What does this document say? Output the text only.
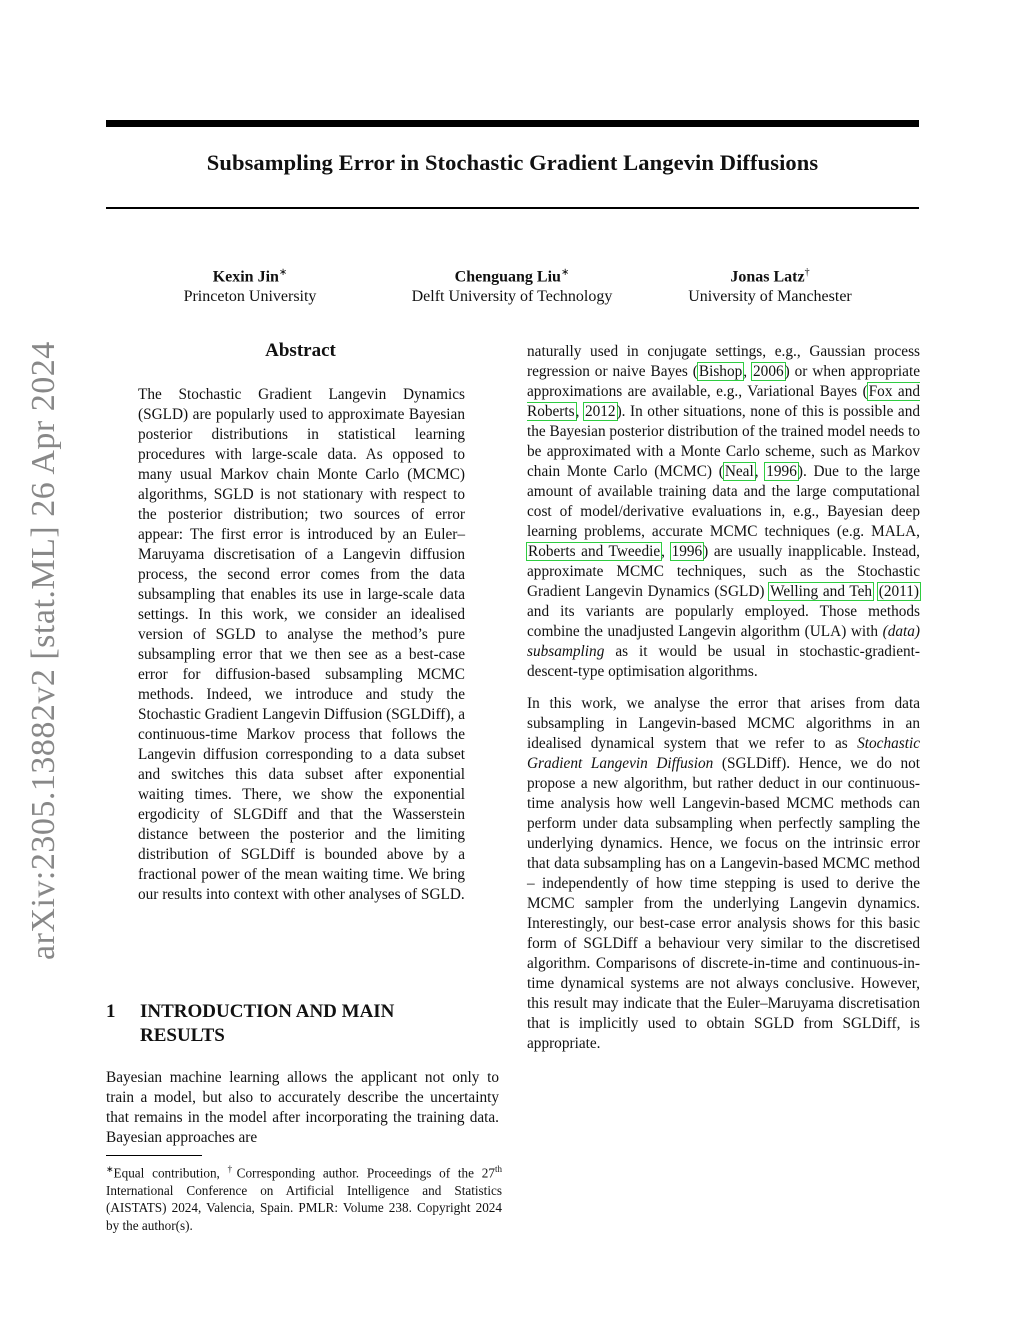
Subsampling Error in Stochastic Gradient Langevin Diffusions
Kexin Jin∗
Princeton University
Chenguang Liu∗
Delft University of Technology
Jonas Latz†
University of Manchester
arXiv:2305.13882v2 [stat.ML] 26 Apr 2024	Abstract
The Stochastic Gradient Langevin Dynamics (SGLD) are popularly used to approximate Bayesian posterior distributions in statistical learning procedures with large-scale data. As opposed to many usual Markov chain Monte Carlo (MCMC) algorithms, SGLD is not stationary with respect to the posterior distribution; two sources of error appear: The first error is introduced by an Euler–Maruyama discretisation of a Langevin diffusion process, the second error comes from the data subsampling that enables its use in large-scale data settings. In this work, we consider an idealised version of SGLD to analyse the method’s pure subsampling error that we then see as a best-case error for diffusion-based subsampling MCMC methods. Indeed, we introduce and study the Stochastic Gradient Langevin Diffusion (SGLDiff), a continuous-time Markov process that follows the Langevin diffusion corresponding to a data subset and switches this data subset after exponential waiting times. There, we show the exponential ergodicity of SLGDiff and that the Wasserstein distance between the posterior and the limiting distribution of SGLDiff is bounded above by a fractional power of the mean waiting time. We bring our results into context with other analyses of SGLD.
1 INTRODUCTION AND MAIN RESULTS
Bayesian machine learning allows the applicant not only to train a model, but also to accurately describe the uncertainty that remains in the model after incorporating the training data. Bayesian approaches are
∗Equal contribution, †Corresponding author. Proceedings of the 27th International Conference on Artificial Intelligence and Statistics (AISTATS) 2024, Valencia, Spain. PMLR: Volume 238. Copyright 2024 by the author(s).

naturally used in conjugate settings, e.g., Gaussian process regression or naive Bayes (Bishop, 2006) or when appropriate approximations are available, e.g., Variational Bayes (Fox and Roberts, 2012). In other situations, none of this is possible and the Bayesian posterior distribution of the trained model needs to be approximated with a Monte Carlo scheme, such as Markov chain Monte Carlo (MCMC) (Neal, 1996). Due to the large amount of available training data and the large computational cost of model/derivative evaluations in, e.g., Bayesian deep learning problems, accurate MCMC techniques (e.g. MALA, Roberts and Tweedie, 1996) are usually inapplicable. Instead, approximate MCMC techniques, such as the Stochastic Gradient Langevin Dynamics (SGLD) Welling and Teh (2011) and its variants are popularly employed. Those methods combine the unadjusted Langevin algorithm (ULA) with (data) subsampling as it would be usual in stochastic-gradient-descent-type optimisation algorithms.

In this work, we analyse the error that arises from data subsampling in Langevin-based MCMC algorithms in an idealised dynamical system that we refer to as Stochastic Gradient Langevin Diffusion (SGLDiff). Hence, we do not propose a new algorithm, but rather deduct in our continuous-time analysis how well Langevin-based MCMC methods can perform under data subsampling when perfectly sampling the underlying dynamics. Hence, we focus on the intrinsic error that data subsampling has on a Langevin-based MCMC method – independently of how time stepping is used to derive the MCMC sampler from the underlying Langevin dynamics. Interestingly, our best-case error analysis shows for this basic form of SGLDiff a behaviour very similar to the discretised algorithm. Comparisons of discrete-in-time and continuous-in-time dynamical systems are not always conclusive. However, this result may indicate that the Euler–Maruyama discretisation that is implicitly used to obtain SGLD from SGLDiff, is appropriate.
